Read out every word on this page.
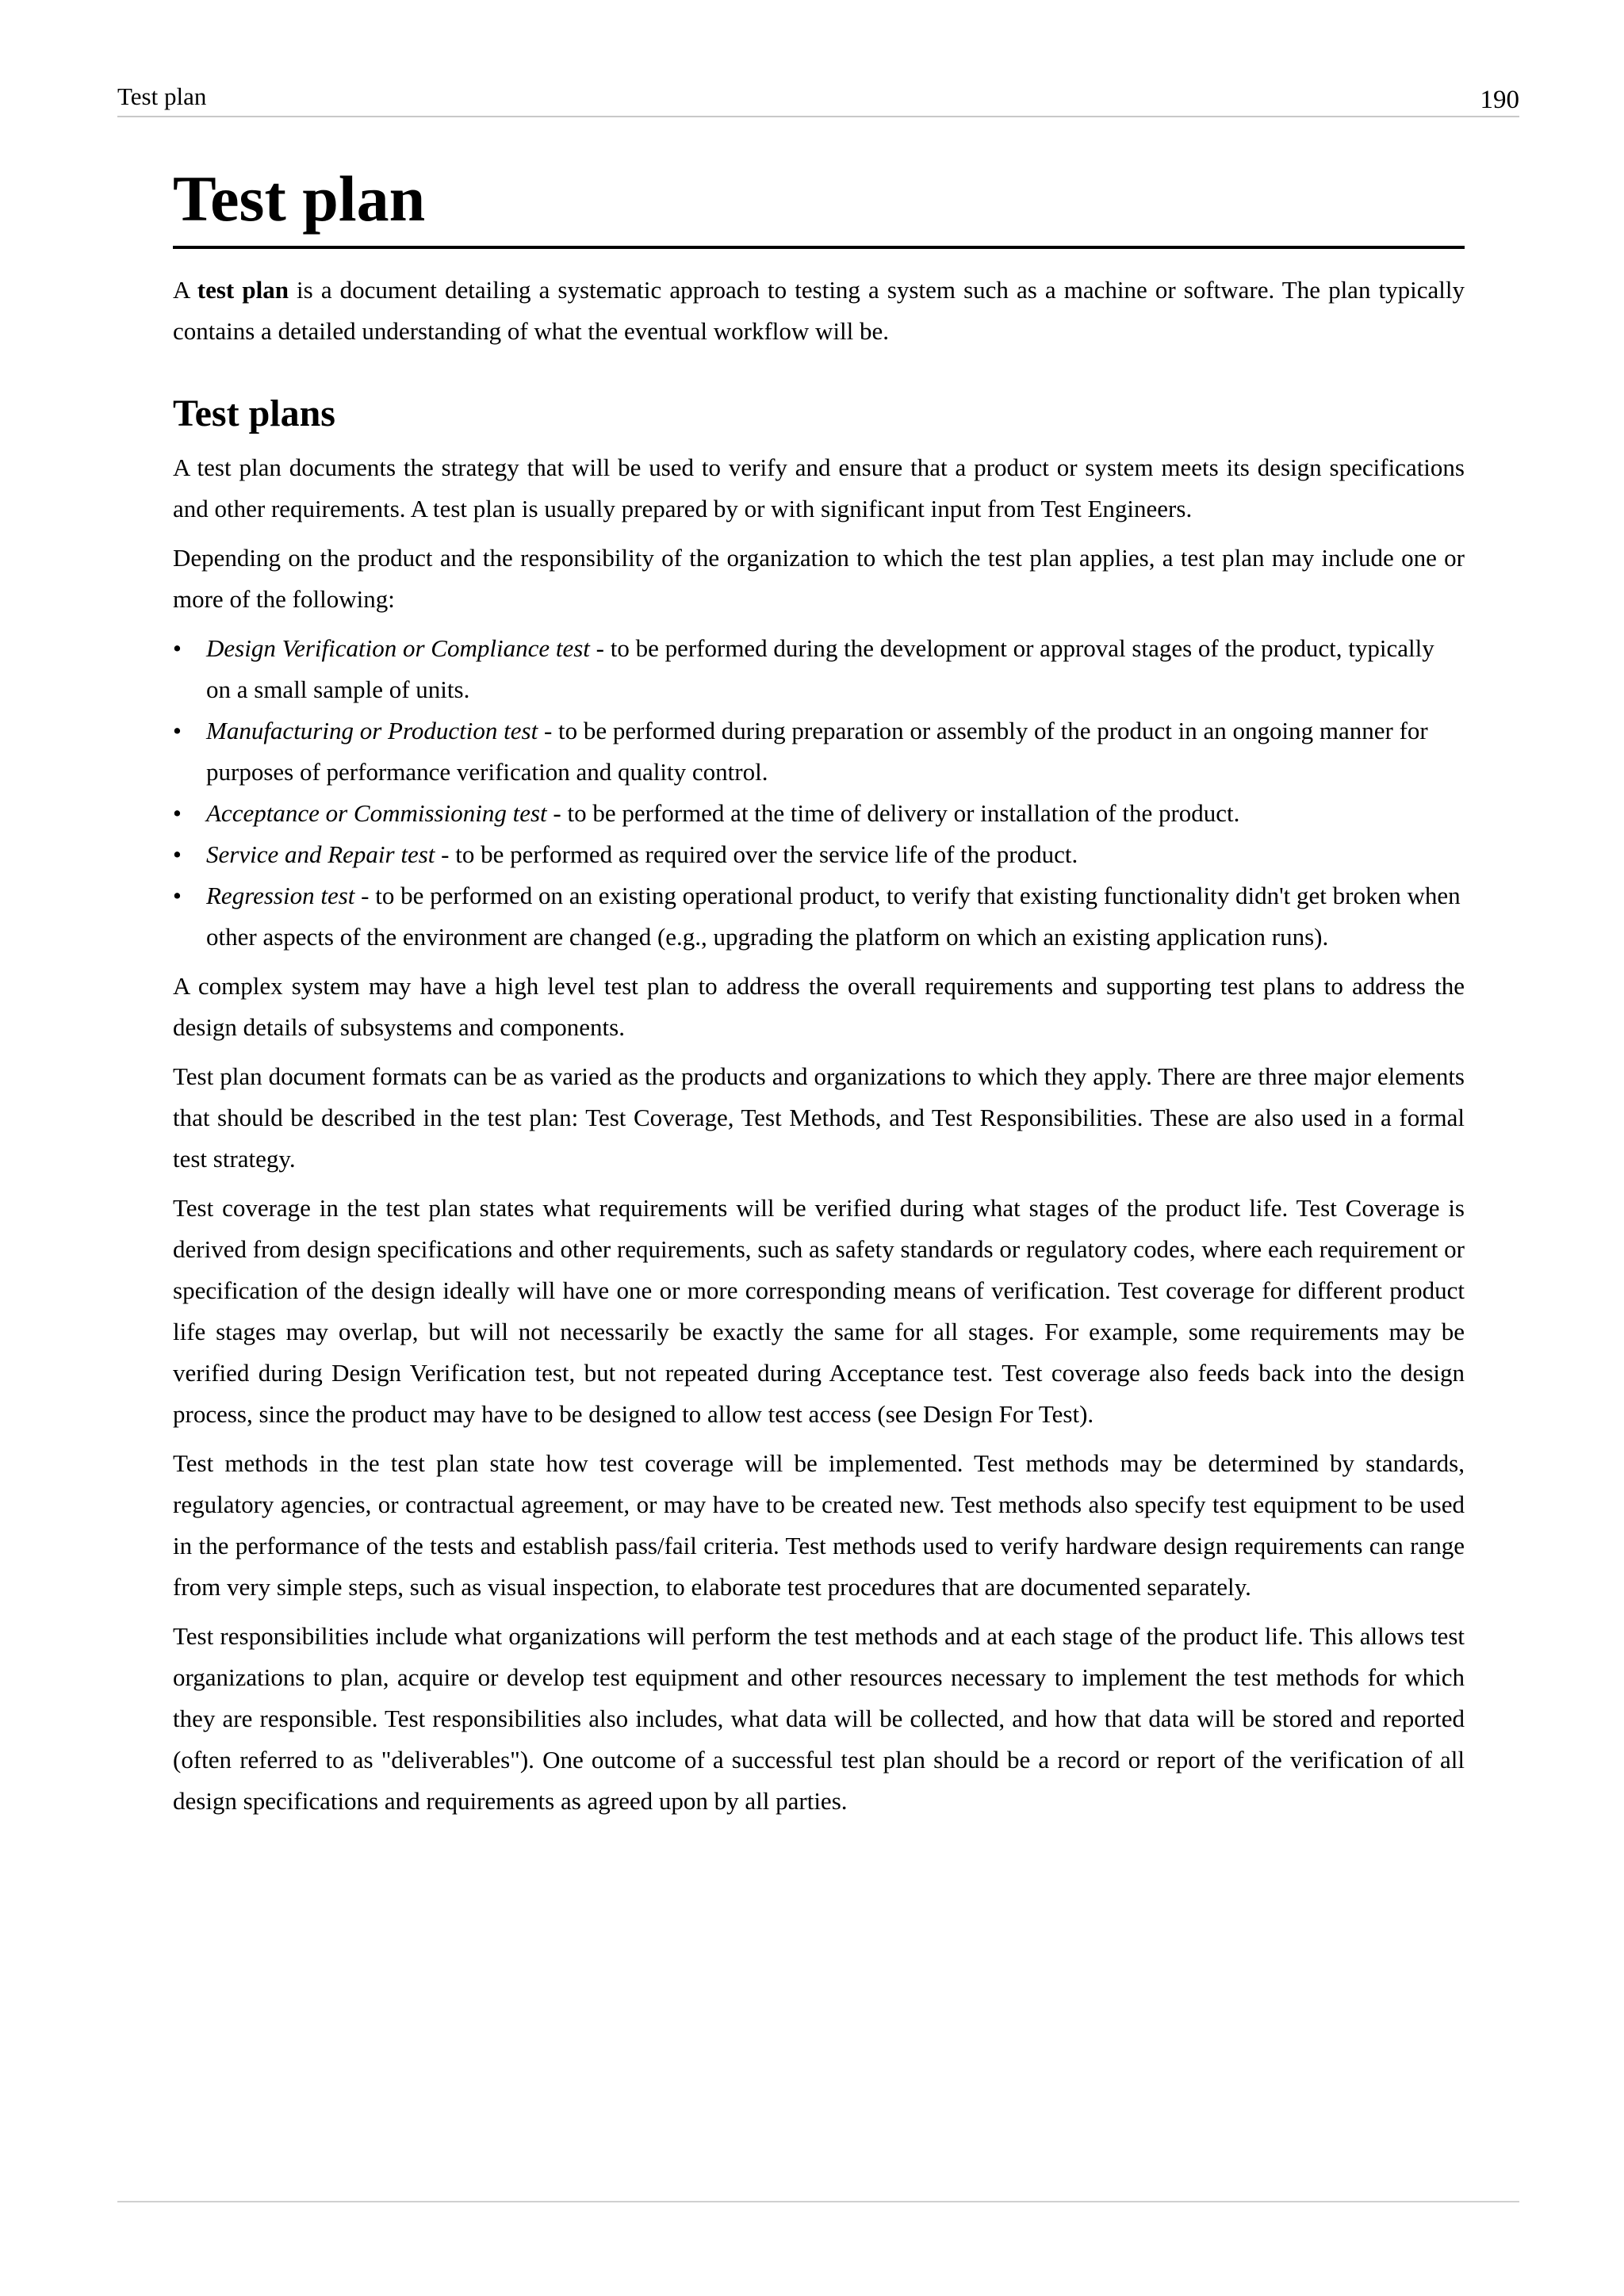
Test plan	190
Test plan

A test plan is a document detailing a systematic approach to testing a system such as a machine or software. The plan typically contains a detailed understanding of what the eventual workflow will be.

Test plans

A test plan documents the strategy that will be used to verify and ensure that a product or system meets its design specifications and other requirements. A test plan is usually prepared by or with significant input from Test Engineers.

Depending on the product and the responsibility of the organization to which the test plan applies, a test plan may include one or more of the following:

• Design Verification or Compliance test - to be performed during the development or approval stages of the product, typically on a small sample of units.
• Manufacturing or Production test - to be performed during preparation or assembly of the product in an ongoing manner for purposes of performance verification and quality control.
• Acceptance or Commissioning test - to be performed at the time of delivery or installation of the product.
• Service and Repair test - to be performed as required over the service life of the product.
• Regression test - to be performed on an existing operational product, to verify that existing functionality didn't get broken when other aspects of the environment are changed (e.g., upgrading the platform on which an existing application runs).

A complex system may have a high level test plan to address the overall requirements and supporting test plans to address the design details of subsystems and components.

Test plan document formats can be as varied as the products and organizations to which they apply. There are three major elements that should be described in the test plan: Test Coverage, Test Methods, and Test Responsibilities. These are also used in a formal test strategy.

Test coverage in the test plan states what requirements will be verified during what stages of the product life. Test Coverage is derived from design specifications and other requirements, such as safety standards or regulatory codes, where each requirement or specification of the design ideally will have one or more corresponding means of verification. Test coverage for different product life stages may overlap, but will not necessarily be exactly the same for all stages. For example, some requirements may be verified during Design Verification test, but not repeated during Acceptance test. Test coverage also feeds back into the design process, since the product may have to be designed to allow test access (see Design For Test).

Test methods in the test plan state how test coverage will be implemented. Test methods may be determined by standards, regulatory agencies, or contractual agreement, or may have to be created new. Test methods also specify test equipment to be used in the performance of the tests and establish pass/fail criteria. Test methods used to verify hardware design requirements can range from very simple steps, such as visual inspection, to elaborate test procedures that are documented separately.

Test responsibilities include what organizations will perform the test methods and at each stage of the product life. This allows test organizations to plan, acquire or develop test equipment and other resources necessary to implement the test methods for which they are responsible. Test responsibilities also includes, what data will be collected, and how that data will be stored and reported (often referred to as "deliverables"). One outcome of a successful test plan should be a record or report of the verification of all design specifications and requirements as agreed upon by all parties.
